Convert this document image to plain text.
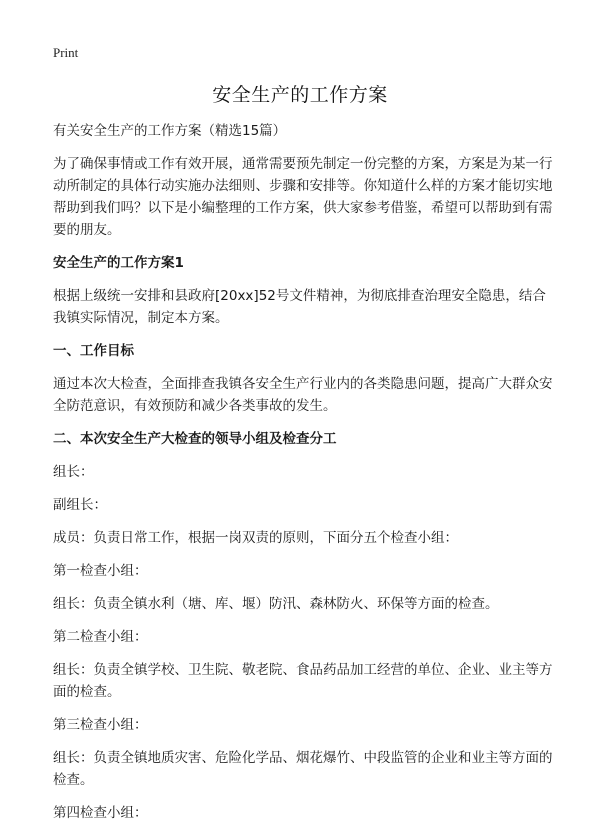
Print
安全生产的工作方案

有关安全生产的工作方案（精选15篇）

为了确保事情或工作有效开展，通常需要预先制定一份完整的方案，方案是为某一行动所制定的具体行动实施办法细则、步骤和安排等。你知道什么样的方案才能切实地帮助到我们吗？以下是小编整理的工作方案，供大家参考借鉴，希望可以帮助到有需要的朋友。

安全生产的工作方案1

根据上级统一安排和县政府[20xx]52号文件精神，为彻底排查治理安全隐患，结合我镇实际情况，制定本方案。

一、工作目标

通过本次大检查，全面排查我镇各安全生产行业内的各类隐患问题，提高广大群众安全防范意识，有效预防和减少各类事故的发生。

二、本次安全生产大检查的领导小组及检查分工

组长：

副组长：

成员：负责日常工作，根据一岗双责的原则，下面分五个检查小组：

第一检查小组：

组长：负责全镇水利（塘、库、堰）防汛、森林防火、环保等方面的检查。

第二检查小组：

组长：负责全镇学校、卫生院、敬老院、食品药品加工经营的单位、企业、业主等方面的检查。

第三检查小组：

组长：负责全镇地质灾害、危险化学品、烟花爆竹、中段监管的企业和业主等方面的检查。

第四检查小组：
